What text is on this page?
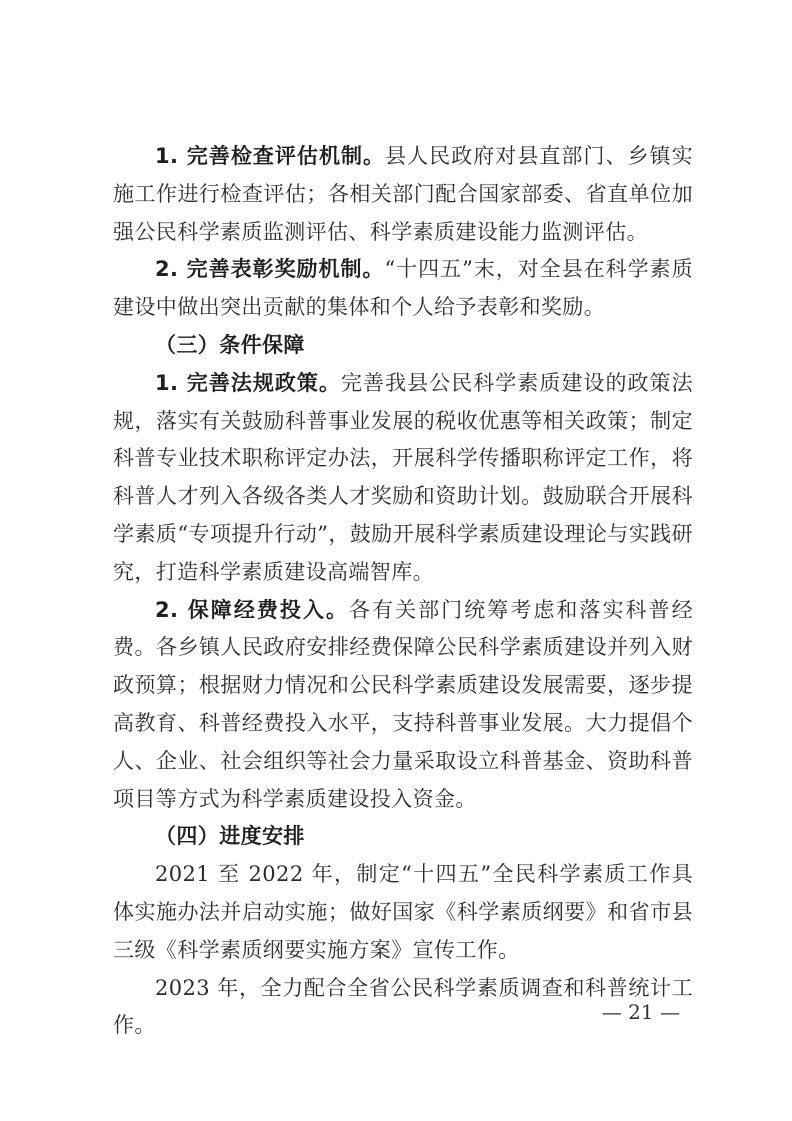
1. 完善检查评估机制。县人民政府对县直部门、乡镇实施工作进行检查评估；各相关部门配合国家部委、省直单位加强公民科学素质监测评估、科学素质建设能力监测评估。

2. 完善表彰奖励机制。“十四五”末，对全县在科学素质建设中做出突出贡献的集体和个人给予表彰和奖励。

（三）条件保障

1. 完善法规政策。完善我县公民科学素质建设的政策法规，落实有关鼓励科普事业发展的税收优惠等相关政策；制定科普专业技术职称评定办法，开展科学传播职称评定工作，将科普人才列入各级各类人才奖励和资助计划。鼓励联合开展科学素质“专项提升行动”，鼓励开展科学素质建设理论与实践研究，打造科学素质建设高端智库。

2. 保障经费投入。各有关部门统筹考虑和落实科普经费。各乡镇人民政府安排经费保障公民科学素质建设并列入财政预算；根据财力情况和公民科学素质建设发展需要，逐步提高教育、科普经费投入水平，支持科普事业发展。大力提倡个人、企业、社会组织等社会力量采取设立科普基金、资助科普项目等方式为科学素质建设投入资金。

（四）进度安排

2021 至 2022 年，制定“十四五”全民科学素质工作具体实施办法并启动实施；做好国家《科学素质纲要》和省市县三级《科学素质纲要实施方案》宣传工作。

2023 年，全力配合全省公民科学素质调查和科普统计工作。

— 21 —
